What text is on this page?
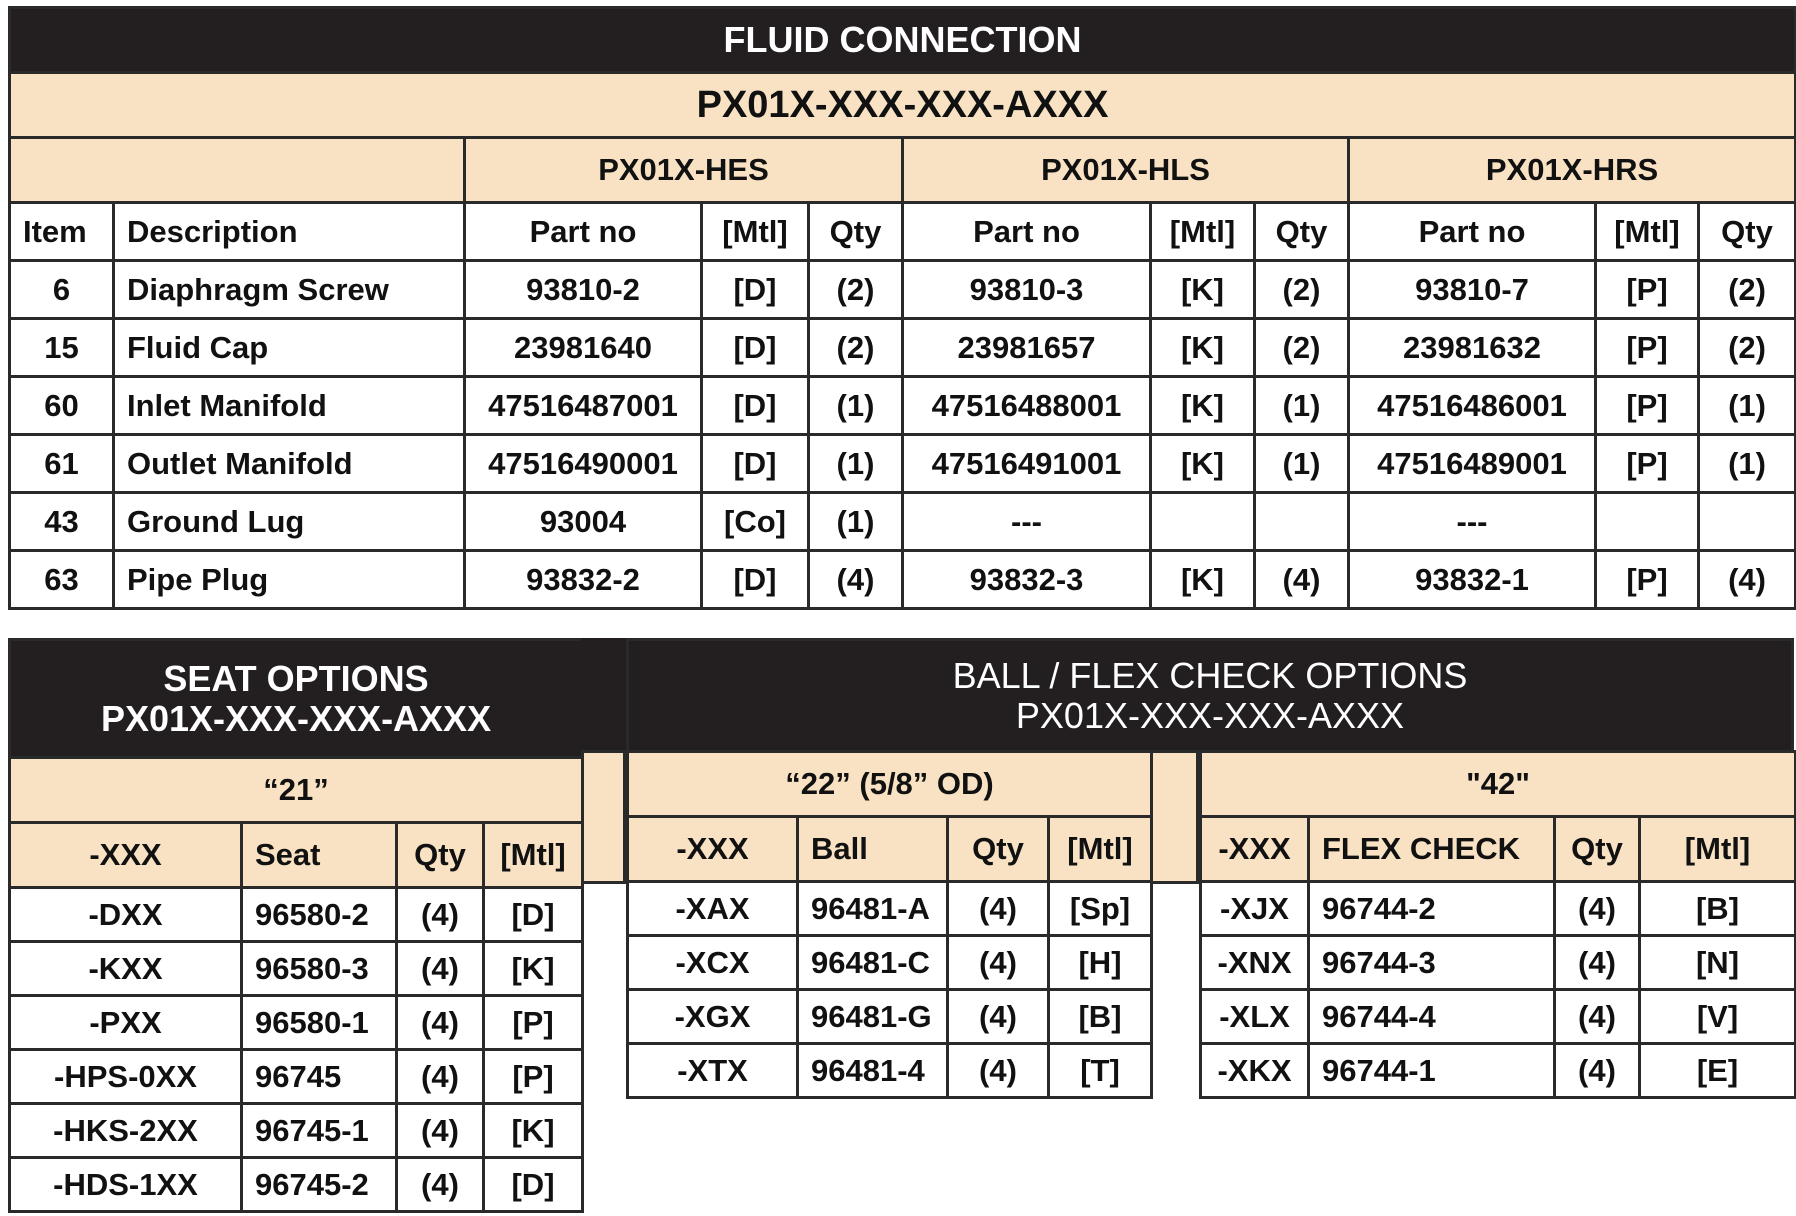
FLUID CONNECTION										
PX01X-XXX-XXX-AXXX										
		PX01X-HES			PX01X-HLS			PX01X-HRS		
Item	Description	Part no	[Mtl]	Qty	Part no	[Mtl]	Qty	Part no	[Mtl]	Qty
6	Diaphragm Screw	93810-2	[D]	(2)	93810-3	[K]	(2)	93810-7	[P]	(2)
15	Fluid Cap	23981640	[D]	(2)	23981657	[K]	(2)	23981632	[P]	(2)
60	Inlet Manifold	47516487001	[D]	(1)	47516488001	[K]	(1)	47516486001	[P]	(1)
61	Outlet Manifold	47516490001	[D]	(1)	47516491001	[K]	(1)	47516489001	[P]	(1)
43	Ground Lug	93004	[Co]	(1)	---			---		
63	Pipe Plug	93832-2	[D]	(4)	93832-3	[K]	(4)	93832-1	[P]	(4)
SEAT OPTIONS
PX01X-XXX-XXX-AXXX			

“21”			
-XXX	Seat	Qty	[Mtl]
-DXX	96580-2	(4)	[D]
-KXX	96580-3	(4)	[K]
-PXX	96580-1	(4)	[P]
-HPS-0XX	96745	(4)	[P]
-HKS-2XX	96745-1	(4)	[K]
-HDS-1XX	96745-2	(4)	[D]
BALL / FLEX CHECK OPTIONS
PX01X-XXX-XXX-AXXX
“22” (5/8” OD)			
-XXX	Ball	Qty	[Mtl]
-XAX	96481-A	(4)	[Sp]
-XCX	96481-C	(4)	[H]
-XGX	96481-G	(4)	[B]
-XTX	96481-4	(4)	[T]
"42"			
-XXX	FLEX CHECK	Qty	[Mtl]
-XJX	96744-2	(4)	[B]
-XNX	96744-3	(4)	[N]
-XLX	96744-4	(4)	[V]
-XKX	96744-1	(4)	[E]
